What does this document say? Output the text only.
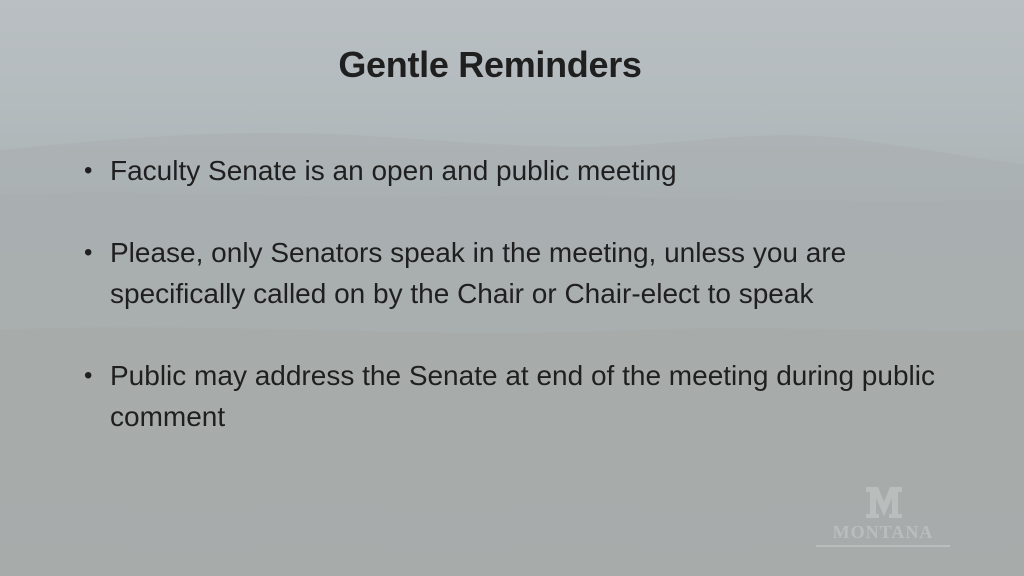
Gentle Reminders
• Faculty Senate is an open and public meeting
• Please, only Senators speak in the meeting, unless you are specifically called on by the Chair or Chair-elect to speak
• Public may address the Senate at end of the meeting during public comment
MONTANA
